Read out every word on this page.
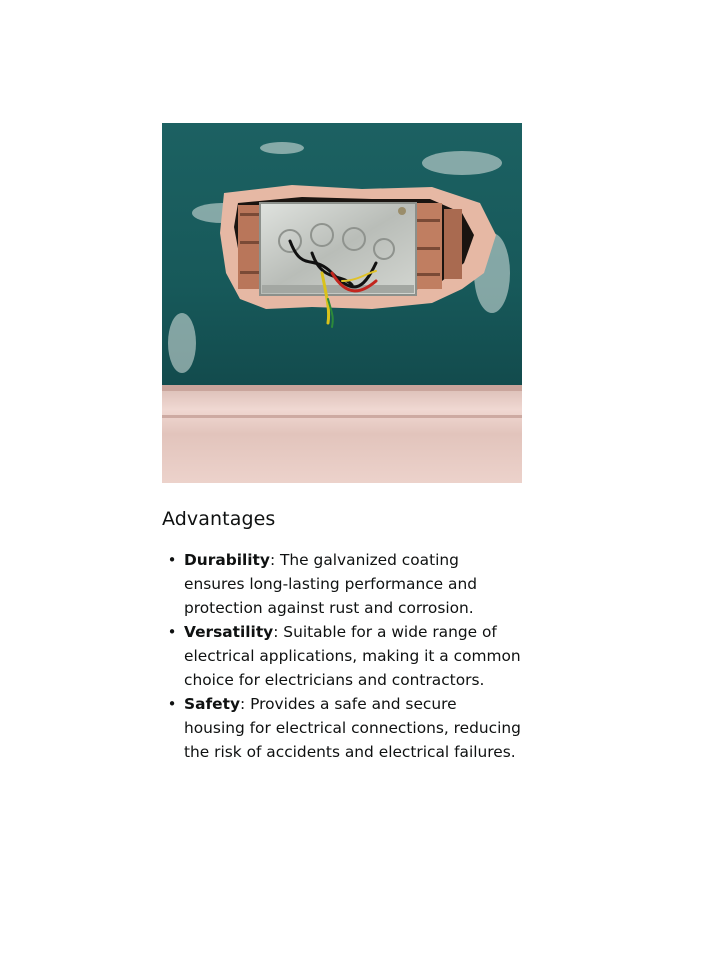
Advantages
• Durability: The galvanized coating ensures long-lasting performance and protection against rust and corrosion.
• Versatility: Suitable for a wide range of electrical applications, making it a common choice for electricians and contractors.
• Safety: Provides a safe and secure housing for electrical connections, reducing the risk of accidents and electrical failures.
